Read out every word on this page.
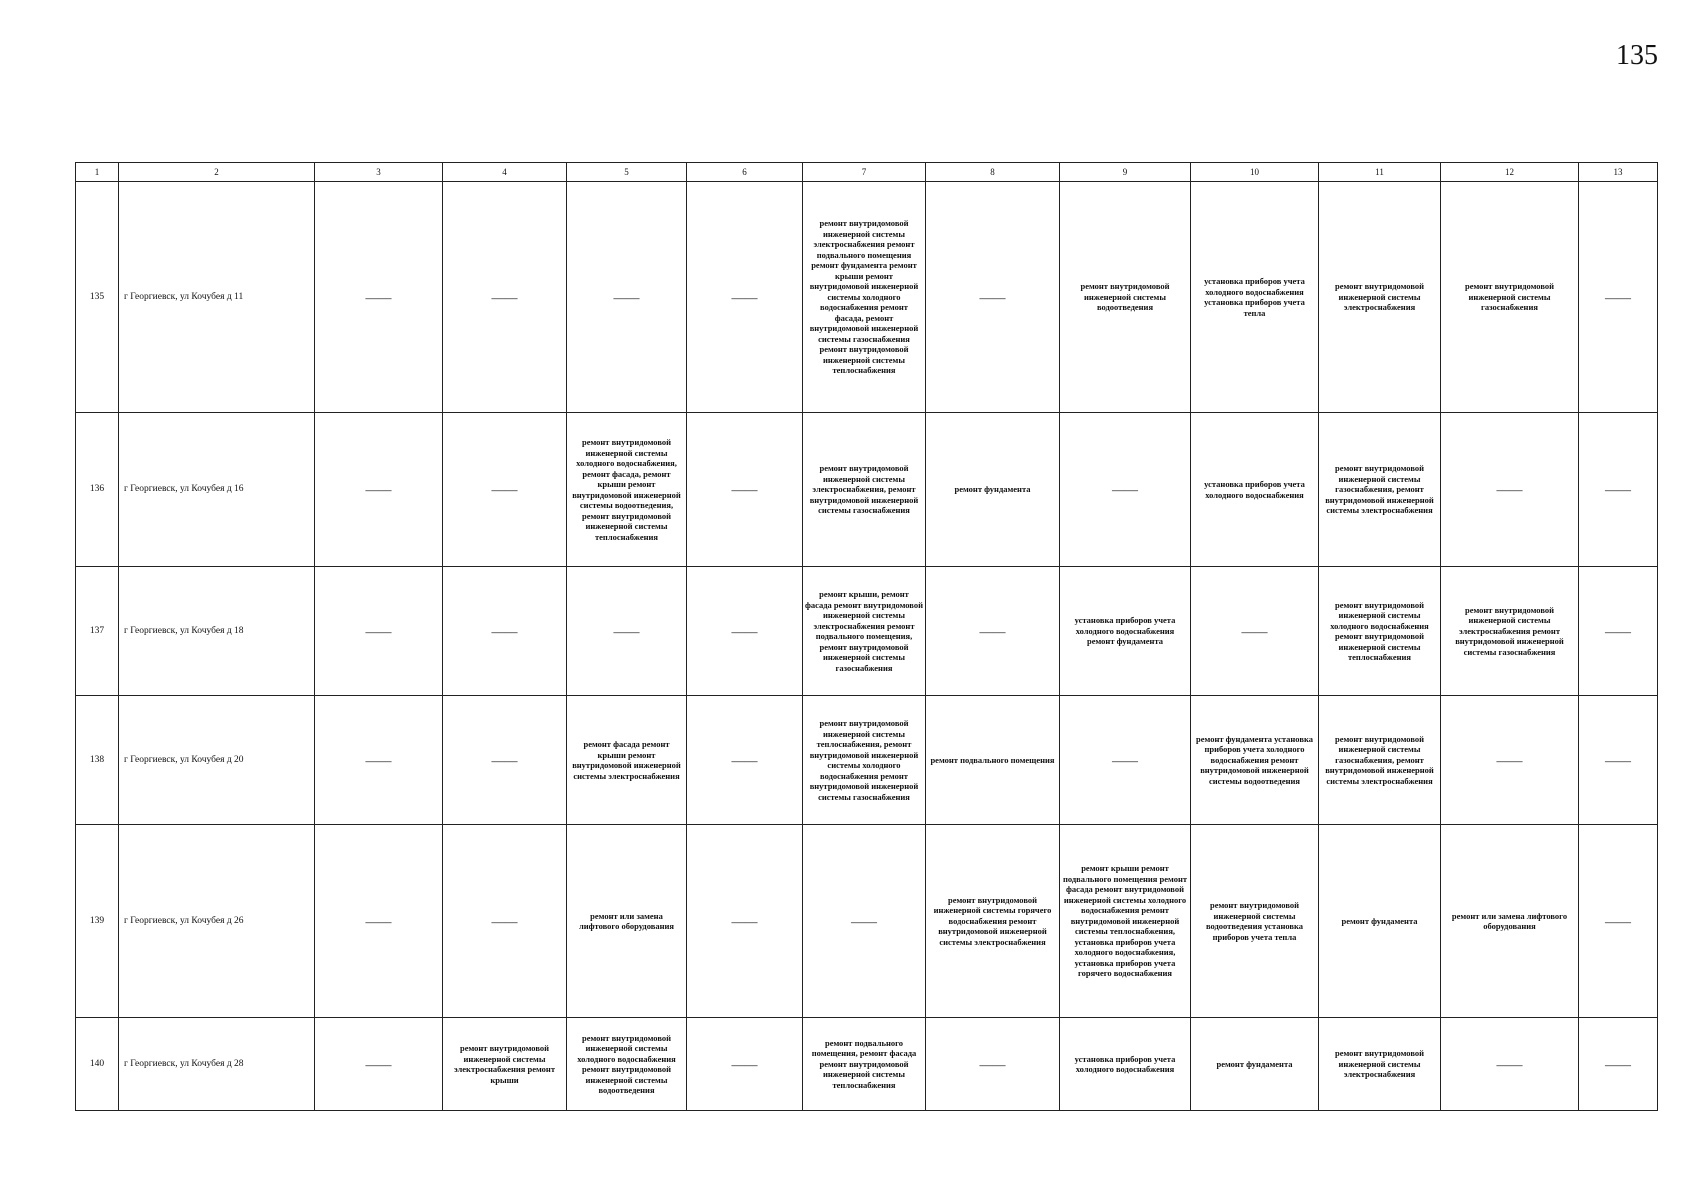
135
1	2	3	4	5	6	7	8	9	10	11	12	13
135	г Георгиевск, ул Кочубея д 11	——	——	——	——	ремонт внутридомовой инженерной системы электроснабжения ремонт подвального помещения ремонт фундамента ремонт крыши ремонт внутридомовой инженерной системы холодного водоснабжения ремонт фасада, ремонт внутридомовой инженерной системы газоснабжения ремонт внутридомовой инженерной системы теплоснабжения	——	ремонт внутридомовой инженерной системы водоотведения	установка приборов учета холодного водоснабжения установка приборов учета тепла	ремонт внутридомовой инженерной системы электроснабжения	ремонт внутридомовой инженерной системы газоснабжения	——
136	г Георгиевск, ул Кочубея д 16	——	——	ремонт внутридомовой инженерной системы холодного водоснабжения, ремонт фасада, ремонт крыши ремонт внутридомовой инженерной системы водоотведения, ремонт внутридомовой инженерной системы теплоснабжения	——	ремонт внутридомовой инженерной системы электроснабжения, ремонт внутридомовой инженерной системы газоснабжения	ремонт фундамента	——	установка приборов учета холодного водоснабжения	ремонт внутридомовой инженерной системы газоснабжения, ремонт внутридомовой инженерной системы электроснабжения	——	——
137	г Георгиевск, ул Кочубея д 18	——	——	——	——	ремонт крыши, ремонт фасада ремонт внутридомовой инженерной системы электроснабжения ремонт подвального помещения, ремонт внутридомовой инженерной системы газоснабжения	——	установка приборов учета холодного водоснабжения ремонт фундамента	——	ремонт внутридомовой инженерной системы холодного водоснабжения ремонт внутридомовой инженерной системы теплоснабжения	ремонт внутридомовой инженерной системы электроснабжения ремонт внутридомовой инженерной системы газоснабжения	——
138	г Георгиевск, ул Кочубея д 20	——	——	ремонт фасада ремонт крыши ремонт внутридомовой инженерной системы электроснабжения	——	ремонт внутридомовой инженерной системы теплоснабжения, ремонт внутридомовой инженерной системы холодного водоснабжения ремонт внутридомовой инженерной системы газоснабжения	ремонт подвального помещения	——	ремонт фундамента установка приборов учета холодного водоснабжения ремонт внутридомовой инженерной системы водоотведения	ремонт внутридомовой инженерной системы газоснабжения, ремонт внутридомовой инженерной системы электроснабжения	——	——
139	г Георгиевск, ул Кочубея д 26	——	——	ремонт или замена лифтового оборудования	——	——	ремонт внутридомовой инженерной системы горячего водоснабжения ремонт внутридомовой инженерной системы электроснабжения	ремонт крыши ремонт подвального помещения ремонт фасада ремонт внутридомовой инженерной системы холодного водоснабжения ремонт внутридомовой инженерной системы теплоснабжения, установка приборов учета холодного водоснабжения, установка приборов учета горячего водоснабжения	ремонт внутридомовой инженерной системы водоотведения установка приборов учета тепла	ремонт фундамента	ремонт или замена лифтового оборудования	——
140	г Георгиевск, ул Кочубея д 28	——	ремонт внутридомовой инженерной системы электроснабжения ремонт крыши	ремонт внутридомовой инженерной системы холодного водоснабжения ремонт внутридомовой инженерной системы водоотведения	——	ремонт подвального помещения, ремонт фасада ремонт внутридомовой инженерной системы теплоснабжения	——	установка приборов учета холодного водоснабжения	ремонт фундамента	ремонт внутридомовой инженерной системы электроснабжения	——	——
